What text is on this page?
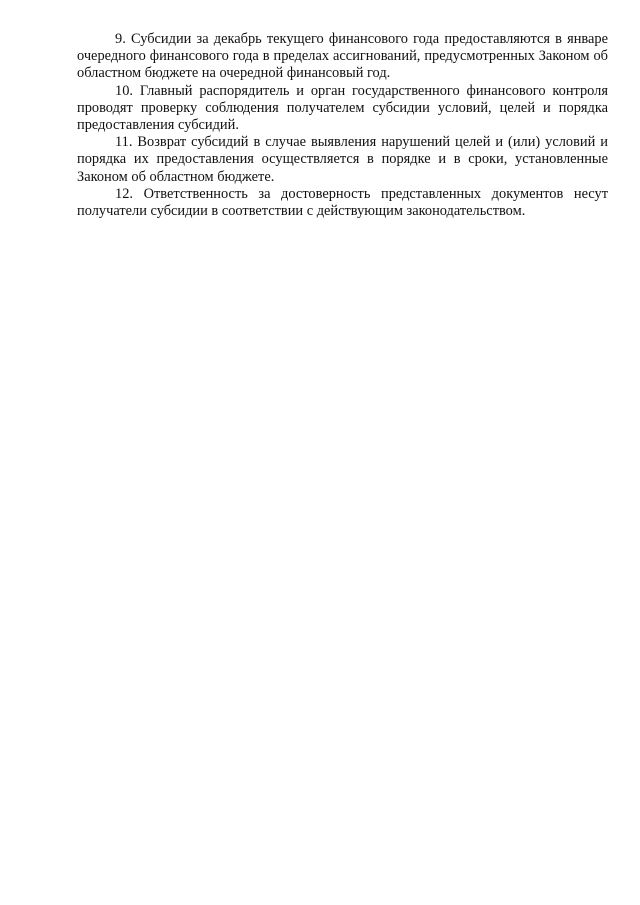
9. Субсидии за декабрь текущего финансового года предоставляются в январе очередного финансового года в пределах ассигнований, предусмотренных Законом об областном бюджете на очередной финансовый год.

10. Главный распорядитель и орган государственного финансового контроля проводят проверку соблюдения получателем субсидии условий, целей и порядка предоставления субсидий.

11. Возврат субсидий в случае выявления нарушений целей и (или) условий и порядка их предоставления осуществляется в порядке и в сроки, установленные Законом об областном бюджете.

12. Ответственность за достоверность представленных документов несут получатели субсидии в соответствии с действующим законодательством.
